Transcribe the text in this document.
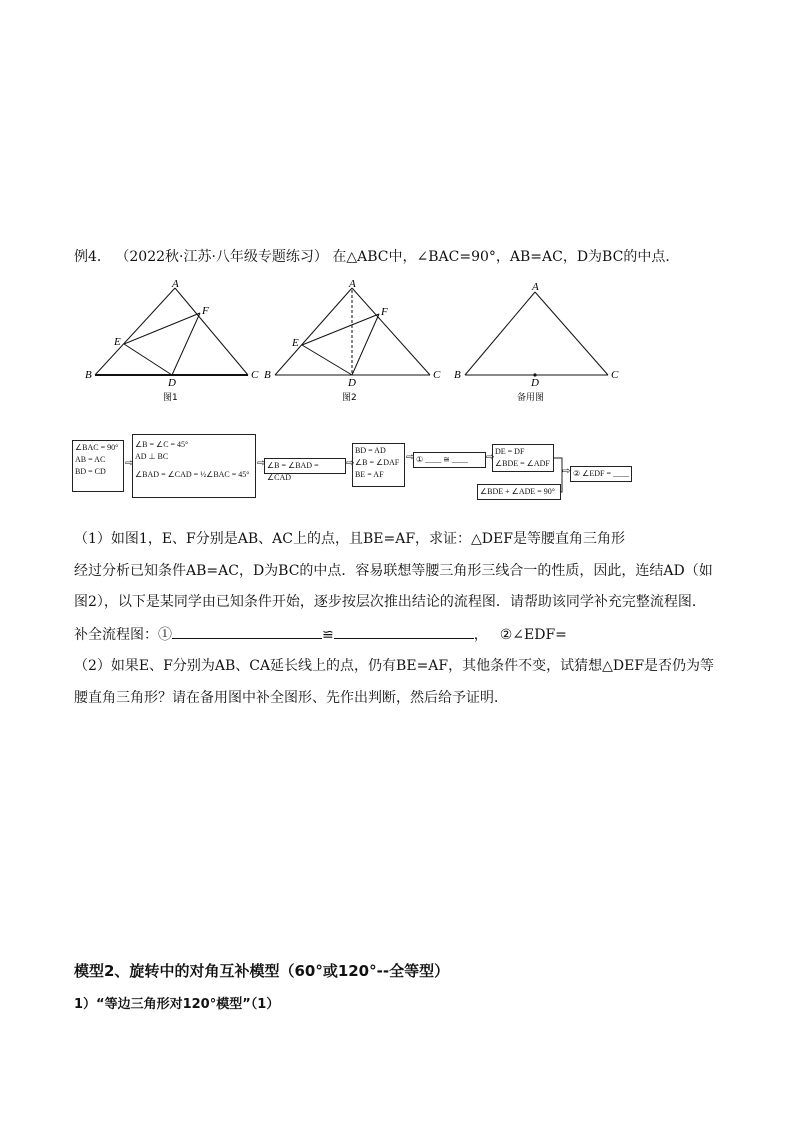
例4． （2022秋·江苏·八年级专题练习） 在△ABC中，∠BAC=90°，AB=AC，D为BC的中点．
A
B	C
D
E
F
图1
A
B	C
D
E
F
图2
A
B	C
D
备用图
∠BAC = 90°
AB = AC
BD = CD
⇨
∠B = ∠C = 45°
AD ⊥ BC
∠BAD = ∠CAD = ½∠BAC = 45°
⇨ ∠B = ∠BAD = ∠CAD
⇨
BD = AD
∠B = ∠DAF
BE = AF
⇨ ① ____ ≅ ____	⇨
DE = DF
∠BDE = ∠ADF
∠BDE + ∠ADE = 90°
⇨ ② ∠EDF = ____
（1）如图1，E、F分别是AB、AC上的点，且BE=AF，求证：△DEF是等腰直角三角形
经过分析已知条件AB=AC，D为BC的中点．容易联想等腰三角形三线合一的性质，因此，连结AD（如
图2），以下是某同学由已知条件开始，逐步按层次推出结论的流程图．请帮助该同学补充完整流程图．
补全流程图：①	≌	， ②∠EDF=
（2）如果E、F分别为AB、CA延长线上的点，仍有BE=AF，其他条件不变，试猜想△DEF是否仍为等
腰直角三角形？请在备用图中补全图形、先作出判断，然后给予证明．
模型2、旋转中的对角互补模型（60°或120°--全等型）
1）“等边三角形对120°模型”（1）
